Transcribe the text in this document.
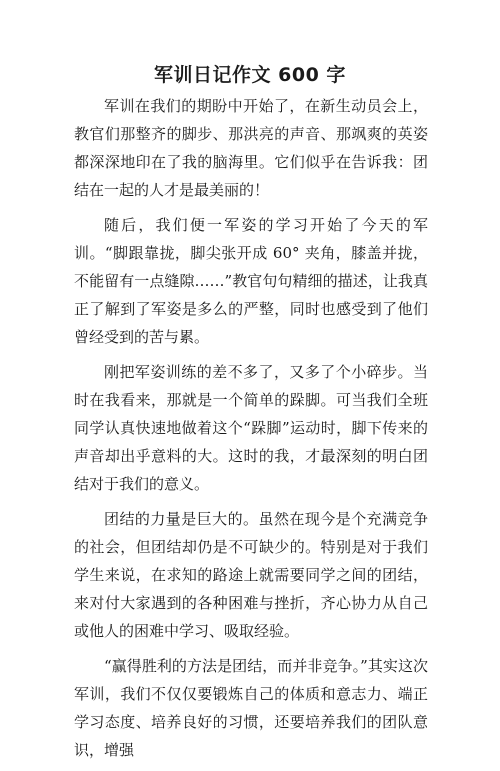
军训日记作文 600 字

军训在我们的期盼中开始了，在新生动员会上，教官们那整齐的脚步、那洪亮的声音、那飒爽的英姿都深深地印在了我的脑海里。它们似乎在告诉我：团结在一起的人才是最美丽的！

随后，我们便一军姿的学习开始了今天的军训。“脚跟靠拢，脚尖张开成 60° 夹角，膝盖并拢，不能留有一点缝隙……”教官句句精细的描述，让我真正了解到了军姿是多么的严整，同时也感受到了他们曾经受到的苦与累。

刚把军姿训练的差不多了，又多了个小碎步。当时在我看来，那就是一个简单的跺脚。可当我们全班同学认真快速地做着这个“跺脚”运动时，脚下传来的声音却出乎意料的大。这时的我，才最深刻的明白团结对于我们的意义。

团结的力量是巨大的。虽然在现今是个充满竞争的社会，但团结却仍是不可缺少的。特别是对于我们学生来说，在求知的路途上就需要同学之间的团结，来对付大家遇到的各种困难与挫折，齐心协力从自己或他人的困难中学习、吸取经验。

“赢得胜利的方法是团结，而并非竞争。”其实这次军训，我们不仅仅要锻炼自己的体质和意志力、端正学习态度、培养良好的习惯，还要培养我们的团队意识，增强
